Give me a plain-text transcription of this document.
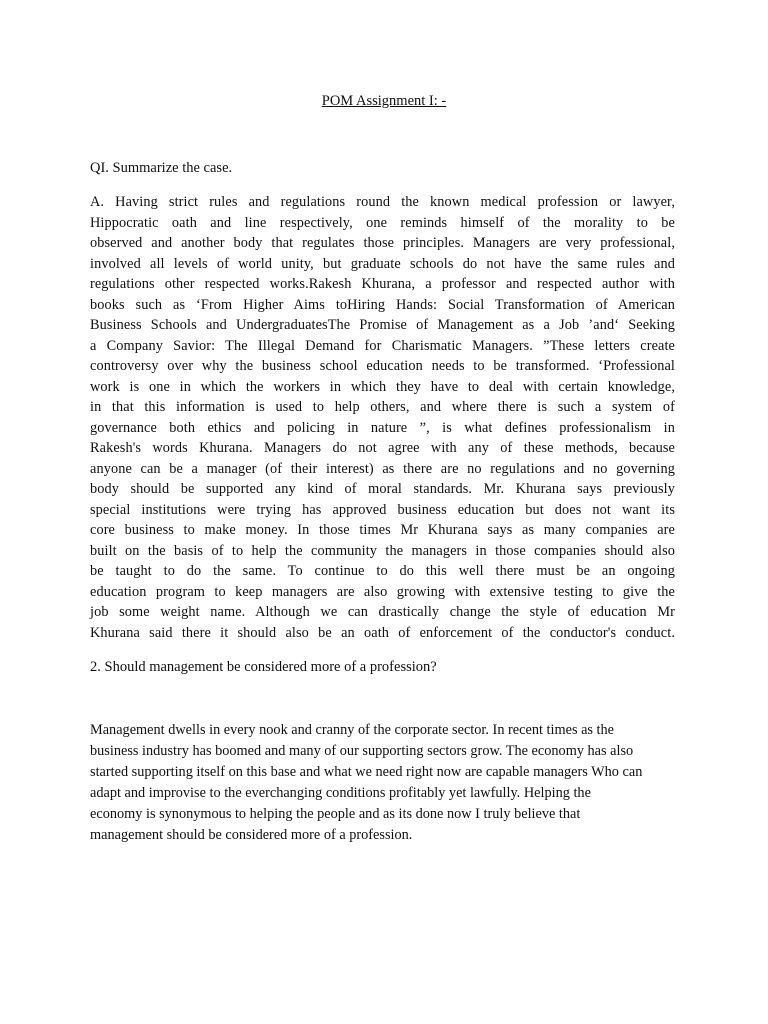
POM Assignment I: -
QI. Summarize the case.
A. Having strict rules and regulations round the known medical profession or lawyer,
Hippocratic oath and line respectively, one reminds himself of the morality to be
observed and another body that regulates those principles. Managers are very professional,
involved all levels of world unity, but graduate schools do not have the same rules and
regulations other respected works.Rakesh Khurana, a professor and respected author with
books such as ‘From Higher Aims toHiring Hands: Social Transformation of American
Business Schools and UndergraduatesThe Promise of Management as a Job ’and‘ Seeking
a Company Savior: The Illegal Demand for Charismatic Managers. ”These letters create
controversy over why the business school education needs to be transformed. ‘Professional
work is one in which the workers in which they have to deal with certain knowledge,
in that this information is used to help others, and where there is such a system of
governance both ethics and policing in nature ”, is what defines professionalism in
Rakesh's words Khurana. Managers do not agree with any of these methods, because
anyone can be a manager (of their interest) as there are no regulations and no governing
body should be supported any kind of moral standards. Mr. Khurana says previously
special institutions were trying has approved business education but does not want its
core business to make money. In those times Mr Khurana says as many companies are
built on the basis of to help the community the managers in those companies should also
be taught to do the same. To continue to do this well there must be an ongoing
education program to keep managers are also growing with extensive testing to give the
job some weight name. Although we can drastically change the style of education Mr
Khurana said there it should also be an oath of enforcement of the conductor's conduct.
2. Should management be considered more of a profession?
Management dwells in every nook and cranny of the corporate sector. In recent times as the
business industry has boomed and many of our supporting sectors grow. The economy has also
started supporting itself on this base and what we need right now are capable managers Who can
adapt and improvise to the everchanging conditions profitably yet lawfully. Helping the
economy is synonymous to helping the people and as its done now I truly believe that
management should be considered more of a profession.
